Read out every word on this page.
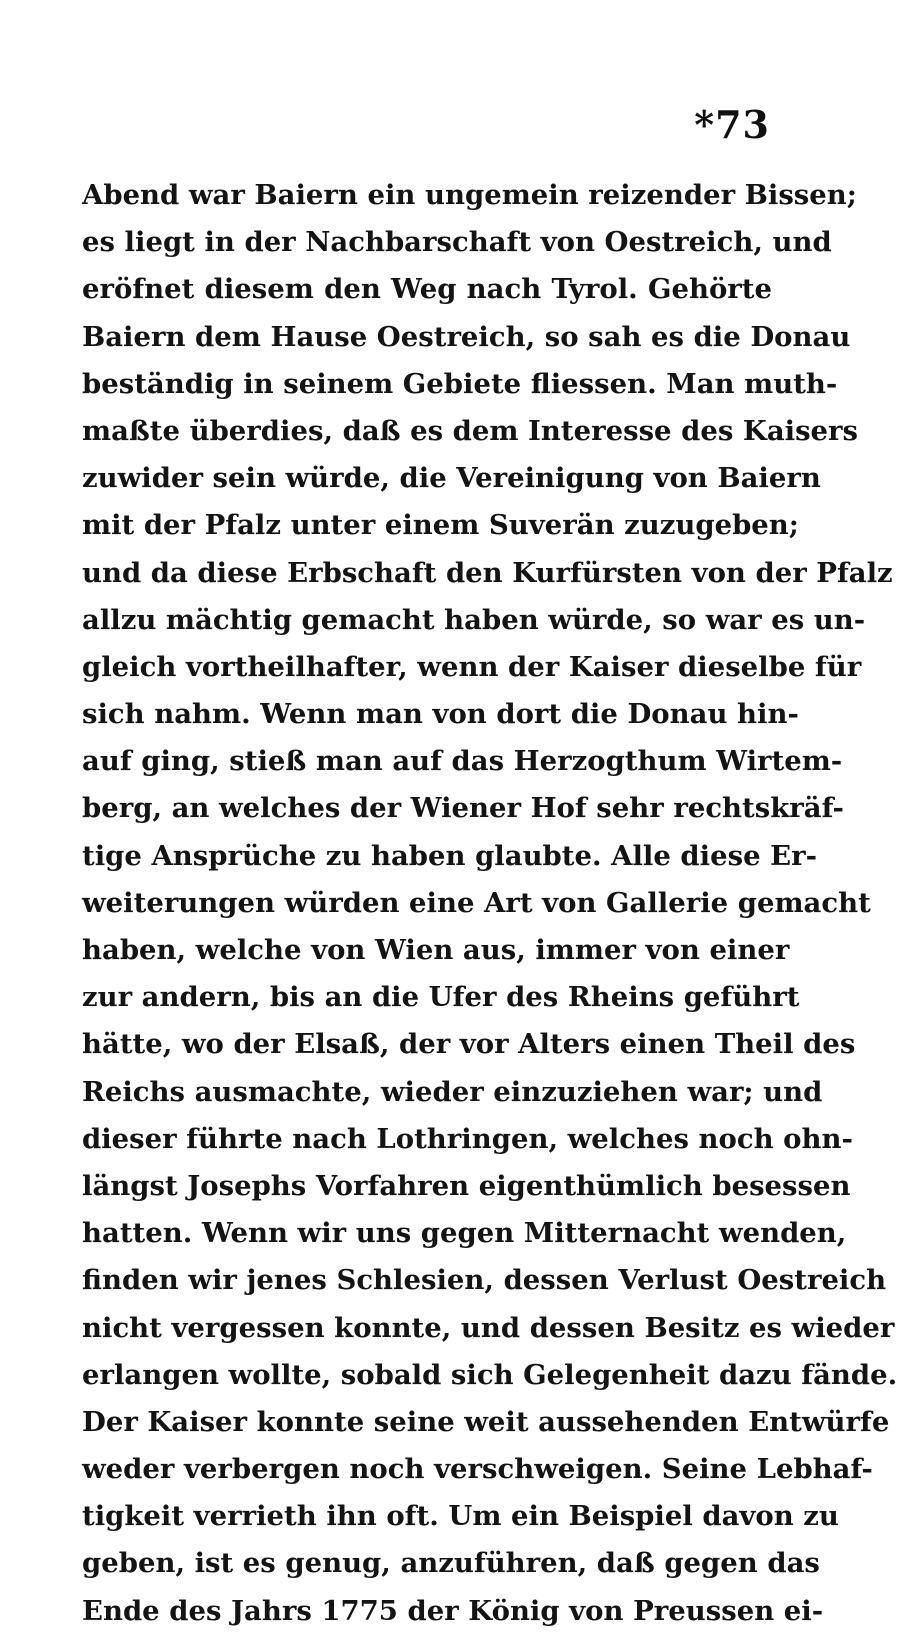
*73
Abend war Baiern ein ungemein reizender Bissen;
es liegt in der Nachbarschaft von Oestreich, und
eröfnet diesem den Weg nach Tyrol. Gehörte
Baiern dem Hause Oestreich, so sah es die Donau
beständig in seinem Gebiete fliessen. Man muth-
maßte überdies, daß es dem Interesse des Kaisers
zuwider sein würde, die Vereinigung von Baiern
mit der Pfalz unter einem Suverän zuzugeben;
und da diese Erbschaft den Kurfürsten von der Pfalz
allzu mächtig gemacht haben würde, so war es un-
gleich vortheilhafter, wenn der Kaiser dieselbe für
sich nahm. Wenn man von dort die Donau hin-
auf ging, stieß man auf das Herzogthum Wirtem-
berg, an welches der Wiener Hof sehr rechtskräf-
tige Ansprüche zu haben glaubte. Alle diese Er-
weiterungen würden eine Art von Gallerie gemacht
haben, welche von Wien aus, immer von einer
zur andern, bis an die Ufer des Rheins geführt
hätte, wo der Elsaß, der vor Alters einen Theil des
Reichs ausmachte, wieder einzuziehen war; und
dieser führte nach Lothringen, welches noch ohn-
längst Josephs Vorfahren eigenthümlich besessen
hatten. Wenn wir uns gegen Mitternacht wenden,
finden wir jenes Schlesien, dessen Verlust Oestreich
nicht vergessen konnte, und dessen Besitz es wieder
erlangen wollte, sobald sich Gelegenheit dazu fände.
Der Kaiser konnte seine weit aussehenden Entwürfe
weder verbergen noch verschweigen. Seine Lebhaf-
tigkeit verrieth ihn oft. Um ein Beispiel davon zu
geben, ist es genug, anzuführen, daß gegen das
Ende des Jahrs 1775 der König von Preussen ei-
